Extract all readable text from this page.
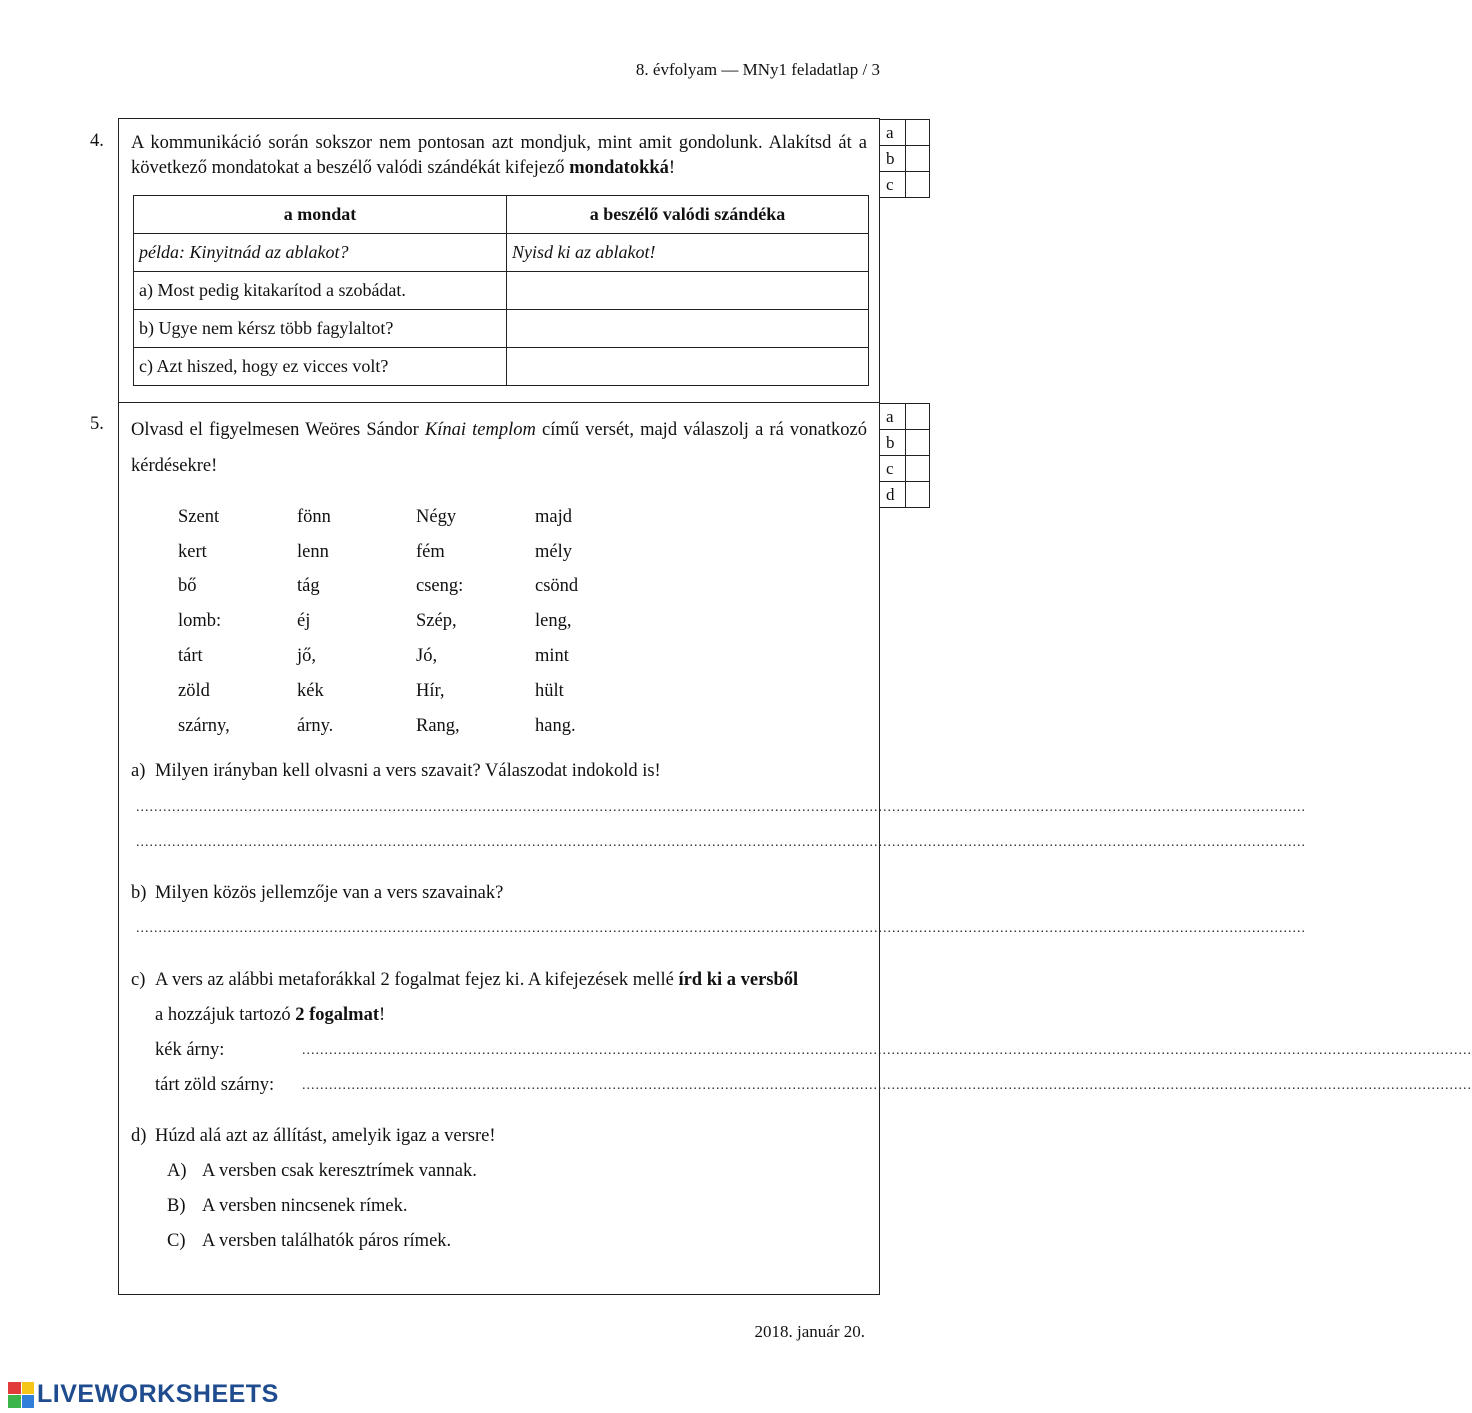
8. évfolyam — MNy1 feladatlap / 3
4. A kommunikáció során sokszor nem pontosan azt mondjuk, mint amit gondolunk. Alakítsd át a következő mondatokat a beszélő valódi szándékát kifejező mondatokká!
a mondat	a beszélő valódi szándéka
példa: Kinyitnád az ablakot?	Nyisd ki az ablakot!
a) Most pedig kitakarítod a szobádat.	
b) Ugye nem kérsz több fagylaltot?	
c) Azt hiszed, hogy ez vicces volt?	
a	
b	
c	
5. Olvasd el figyelmesen Weöres Sándor Kínai templom című versét, majd válaszolj a rá vonatkozó kérdésekre!
a	
b	
c	
d	
Szent	fönn	Négy	majd
kert	lenn	fém	mély
bő	tág	cseng:	csönd
lomb:	éj	Szép,	leng,
tárt	jő,	Jó,	mint
zöld	kék	Hír,	hült
szárny,	árny.	Rang,	hang.
a) Milyen irányban kell olvasni a vers szavait? Válaszodat indokold is!
....................................................................................................................................................................................................................................................................
....................................................................................................................................................................................................................................................................
b) Milyen közös jellemzője van a vers szavainak?
....................................................................................................................................................................................................................................................................
c) A vers az alábbi metaforákkal 2 fogalmat fejez ki. A kifejezések mellé írd ki a versből
a hozzájuk tartozó 2 fogalmat!
kék árny:	....................................................................................................................................................................................................................................................................
tárt zöld szárny: ....................................................................................................................................................................................................................................................................
d) Húzd alá azt az állítást, amelyik igaz a versre!
A) A versben csak keresztrímek vannak.
B) A versben nincsenek rímek.
C) A versben találhatók páros rímek.
2018. január 20.
LIVEWORKSHEETS
